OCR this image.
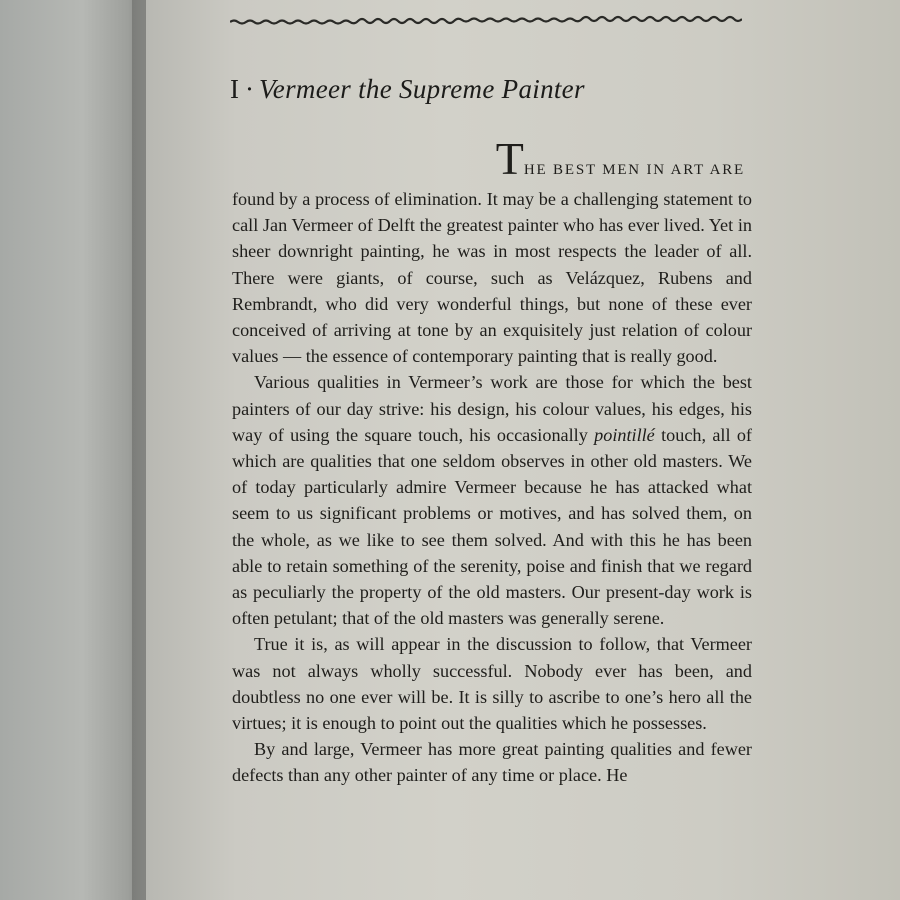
I · Vermeer the Supreme Painter
THE BEST MEN IN ART ARE

found by a process of elimination. It may be a challenging statement to call Jan Vermeer of Delft the greatest painter who has ever lived. Yet in sheer downright painting, he was in most respects the leader of all. There were giants, of course, such as Velázquez, Rubens and Rembrandt, who did very wonderful things, but none of these ever conceived of arriving at tone by an exquisitely just relation of colour values — the essence of contemporary painting that is really good.

Various qualities in Vermeer’s work are those for which the best painters of our day strive: his design, his colour values, his edges, his way of using the square touch, his occasionally pointillé touch, all of which are qualities that one seldom observes in other old masters. We of today particularly admire Vermeer because he has attacked what seem to us significant problems or motives, and has solved them, on the whole, as we like to see them solved. And with this he has been able to retain something of the serenity, poise and finish that we regard as peculiarly the property of the old masters. Our present-day work is often petulant; that of the old masters was generally serene.

True it is, as will appear in the discussion to follow, that Vermeer was not always wholly successful. Nobody ever has been, and doubtless no one ever will be. It is silly to ascribe to one’s hero all the virtues; it is enough to point out the qualities which he possesses.

By and large, Vermeer has more great painting qualities and fewer defects than any other painter of any time or place. He
